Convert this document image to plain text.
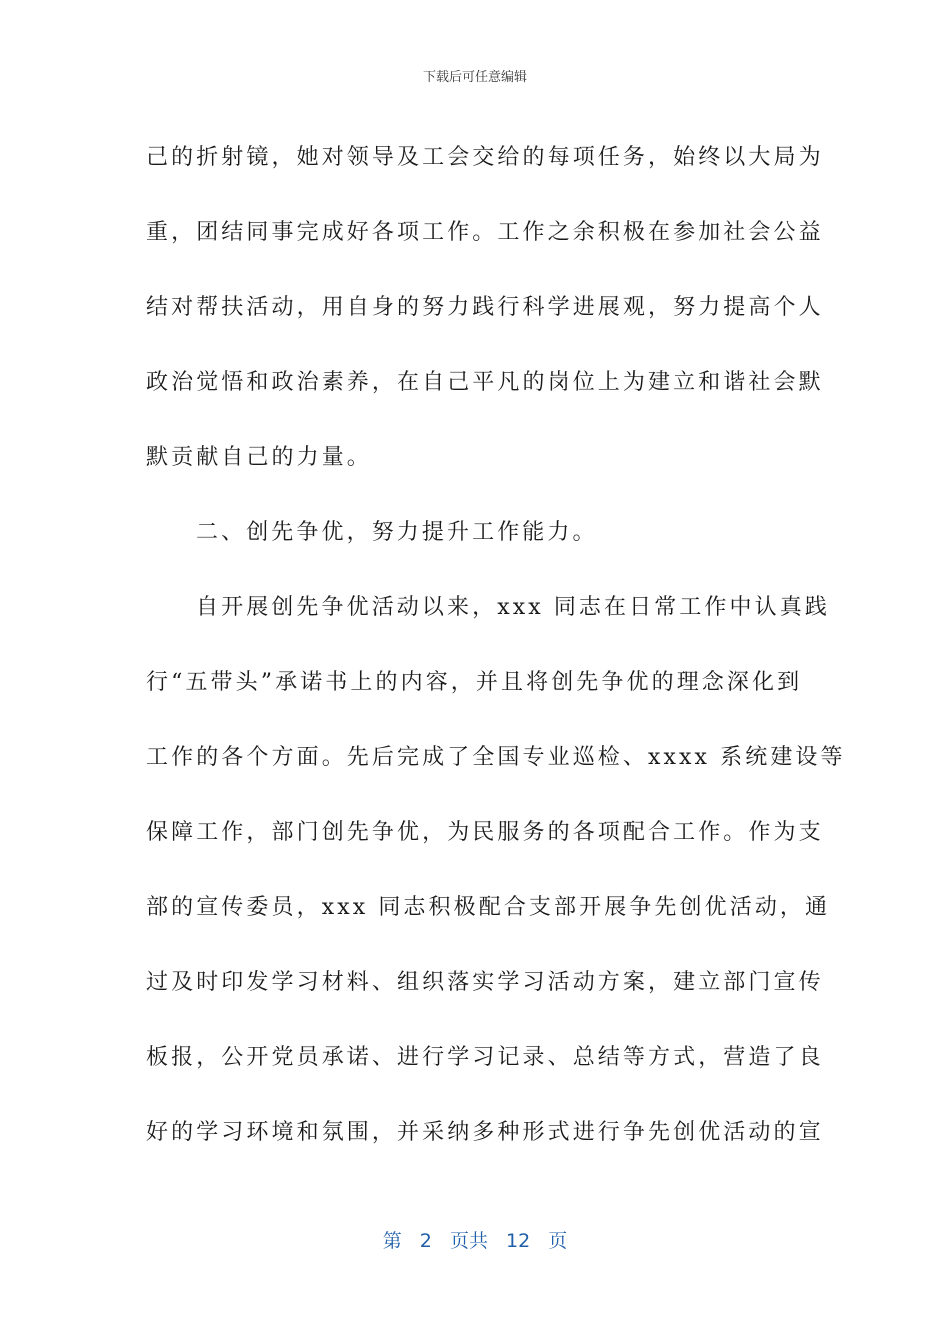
下载后可任意编辑
己的折射镜，她对领导及工会交给的每项任务，始终以大局为
重，团结同事完成好各项工作。工作之余积极在参加社会公益
结对帮扶活动，用自身的努力践行科学进展观，努力提高个人
政治觉悟和政治素养，在自己平凡的岗位上为建立和谐社会默
默贡献自己的力量。
二、创先争优，努力提升工作能力。
自开展创先争优活动以来，xxx 同志在日常工作中认真践
行“五带头”承诺书上的内容，并且将创先争优的理念深化到
工作的各个方面。先后完成了全国专业巡检、xxxx 系统建设等
保障工作，部门创先争优，为民服务的各项配合工作。作为支
部的宣传委员，xxx 同志积极配合支部开展争先创优活动，通
过及时印发学习材料、组织落实学习活动方案，建立部门宣传
板报，公开党员承诺、进行学习记录、总结等方式，营造了良
好的学习环境和氛围，并采纳多种形式进行争先创优活动的宣
第 2 页共 12 页
